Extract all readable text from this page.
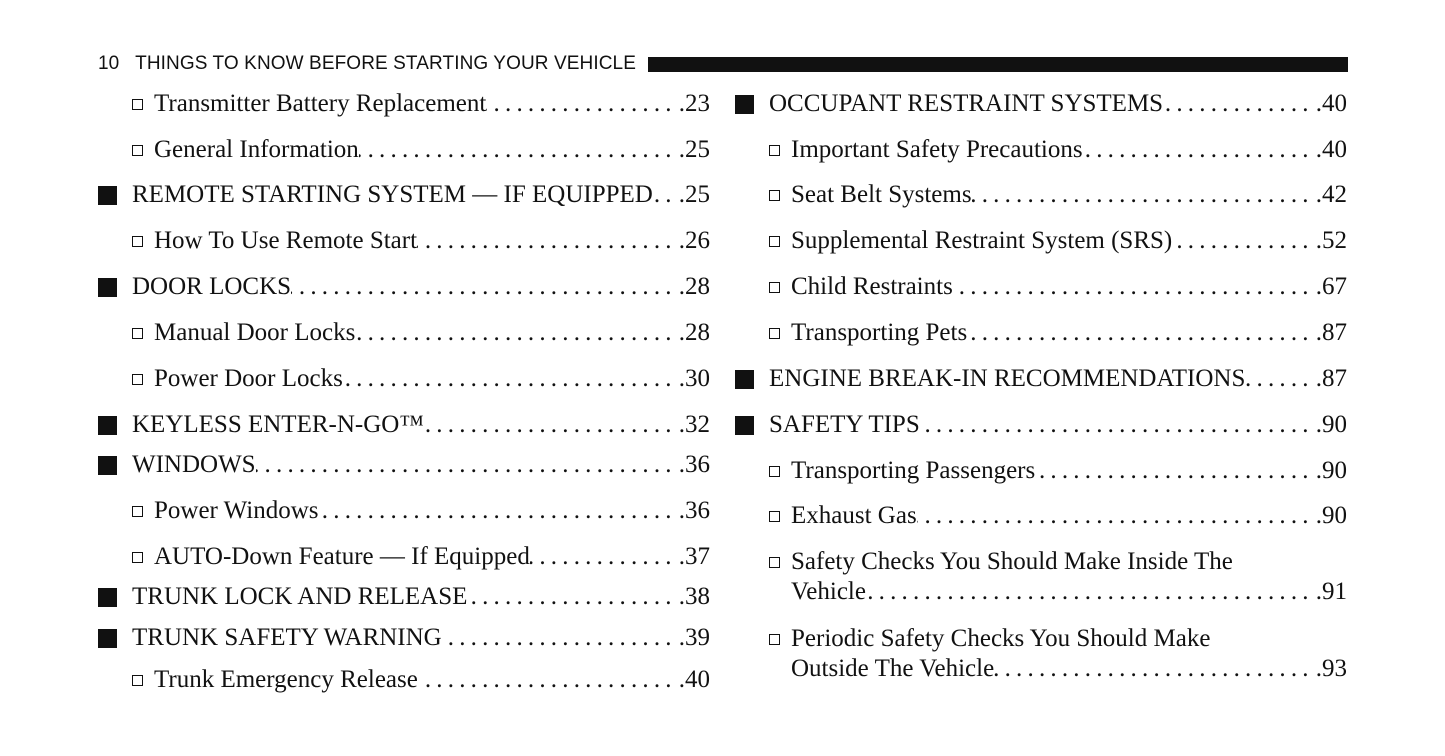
10 THINGS TO KNOW BEFORE STARTING YOUR VEHICLE
Transmitter Battery Replacement .....	.23
General Information .....	.25
REMOTE STARTING SYSTEM — IF EQUIPPED ..... .25
How To Use Remote Start .....	.26
DOOR LOCKS .....	.28
Manual Door Locks .....	.28
Power Door Locks .....	.30
KEYLESS ENTER-N-GO™ .....	.32
WINDOWS .....	.36
Power Windows .....	.36
AUTO-Down Feature — If Equipped .....	.37
TRUNK LOCK AND RELEASE .....	.38
TRUNK SAFETY WARNING .....	.39
Trunk Emergency Release .....	.40
OCCUPANT RESTRAINT SYSTEMS .....	.40
Important Safety Precautions .....	.40
Seat Belt Systems .....	.42
Supplemental Restraint System (SRS) .....	.52
Child Restraints .....	.67
Transporting Pets .....	.87
ENGINE BREAK-IN RECOMMENDATIONS .....	.87
SAFETY TIPS .....	.90
Transporting Passengers .....	.90
Exhaust Gas .....	.90
Safety Checks You Should Make Inside The
Vehicle .....	.91
Periodic Safety Checks You Should Make
Outside The Vehicle .....	.93
